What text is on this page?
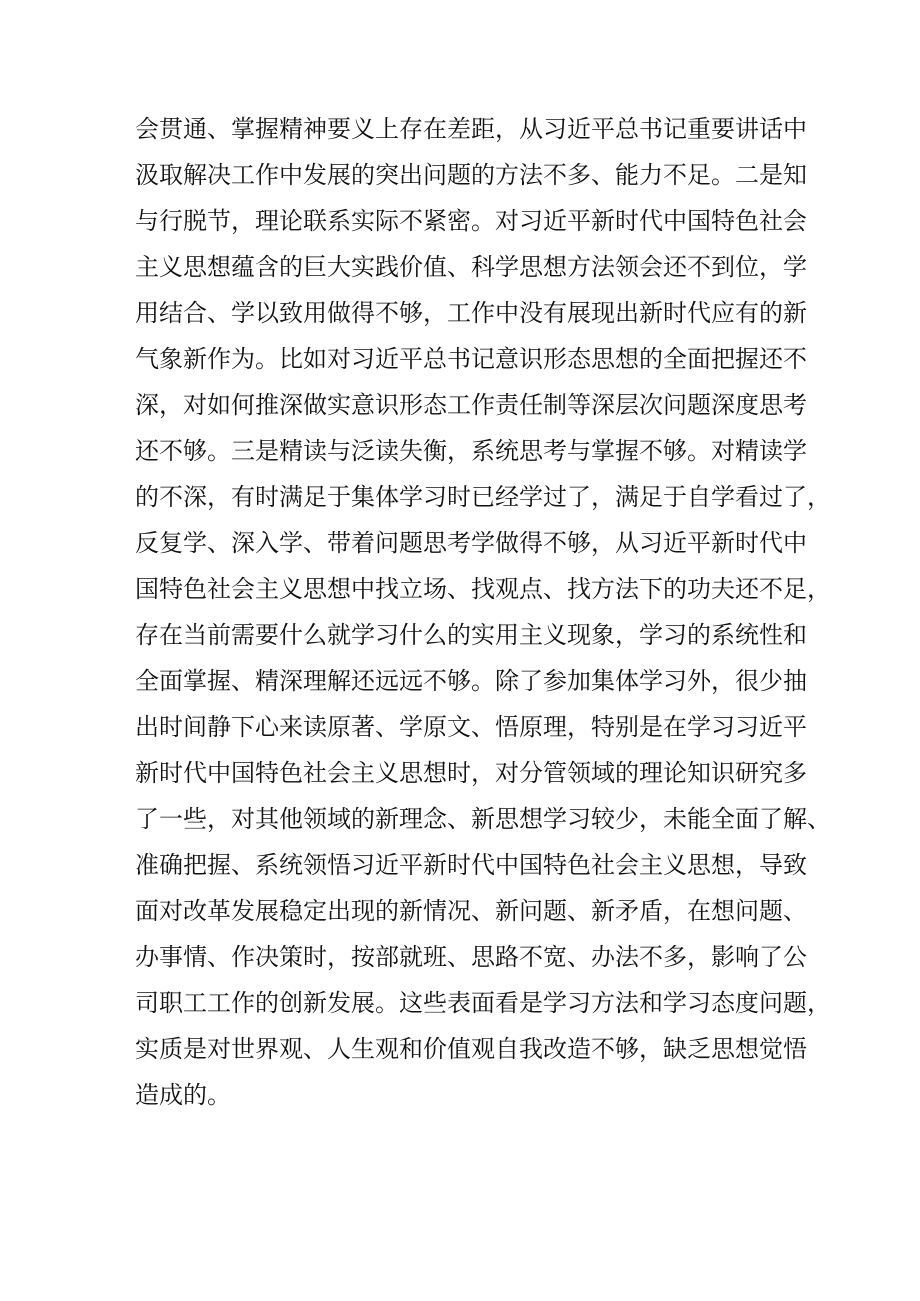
会贯通、掌握精神要义上存在差距，从习近平总书记重要讲话中
汲取解决工作中发展的突出问题的方法不多、能力不足。二是知
与行脱节，理论联系实际不紧密。对习近平新时代中国特色社会
主义思想蕴含的巨大实践价值、科学思想方法领会还不到位，学
用结合、学以致用做得不够，工作中没有展现出新时代应有的新
气象新作为。比如对习近平总书记意识形态思想的全面把握还不
深，对如何推深做实意识形态工作责任制等深层次问题深度思考
还不够。三是精读与泛读失衡，系统思考与掌握不够。对精读学
的不深，有时满足于集体学习时已经学过了，满足于自学看过了，
反复学、深入学、带着问题思考学做得不够，从习近平新时代中
国特色社会主义思想中找立场、找观点、找方法下的功夫还不足，
存在当前需要什么就学习什么的实用主义现象，学习的系统性和
全面掌握、精深理解还远远不够。除了参加集体学习外，很少抽
出时间静下心来读原著、学原文、悟原理，特别是在学习习近平
新时代中国特色社会主义思想时，对分管领域的理论知识研究多
了一些，对其他领域的新理念、新思想学习较少，未能全面了解、
准确把握、系统领悟习近平新时代中国特色社会主义思想，导致
面对改革发展稳定出现的新情况、新问题、新矛盾，在想问题、
办事情、作决策时，按部就班、思路不宽、办法不多，影响了公
司职工工作的创新发展。这些表面看是学习方法和学习态度问题，
实质是对世界观、人生观和价值观自我改造不够，缺乏思想觉悟
造成的。
